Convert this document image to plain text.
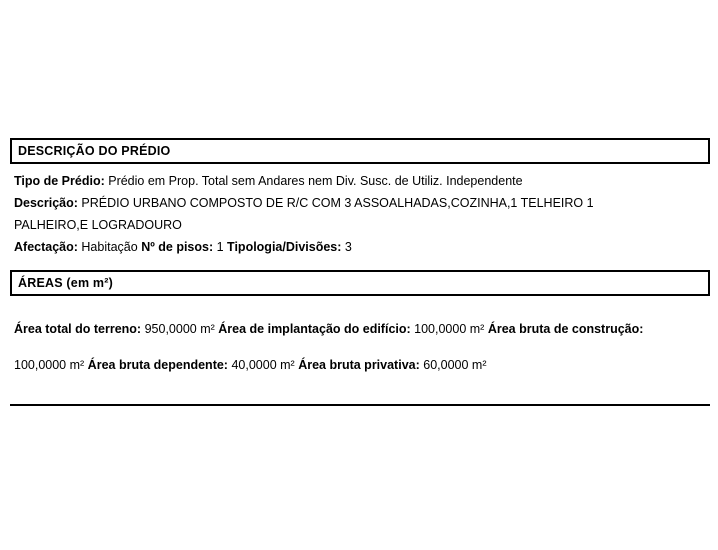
DESCRIÇÃO DO PRÉDIO

Tipo de Prédio: Prédio em Prop. Total sem Andares nem Div. Susc. de Utiliz. Independente

Descrição: PRÉDIO URBANO COMPOSTO DE R/C COM 3 ASSOALHADAS,COZINHA,1 TELHEIRO 1

PALHEIRO,E LOGRADOURO

Afectação: Habitação Nº de pisos: 1 Tipologia/Divisões: 3

ÁREAS (em m²)

Área total do terreno: 950,0000 m² Área de implantação do edifício: 100,0000 m² Área bruta de construção:

100,0000 m² Área bruta dependente: 40,0000 m² Área bruta privativa: 60,0000 m²
